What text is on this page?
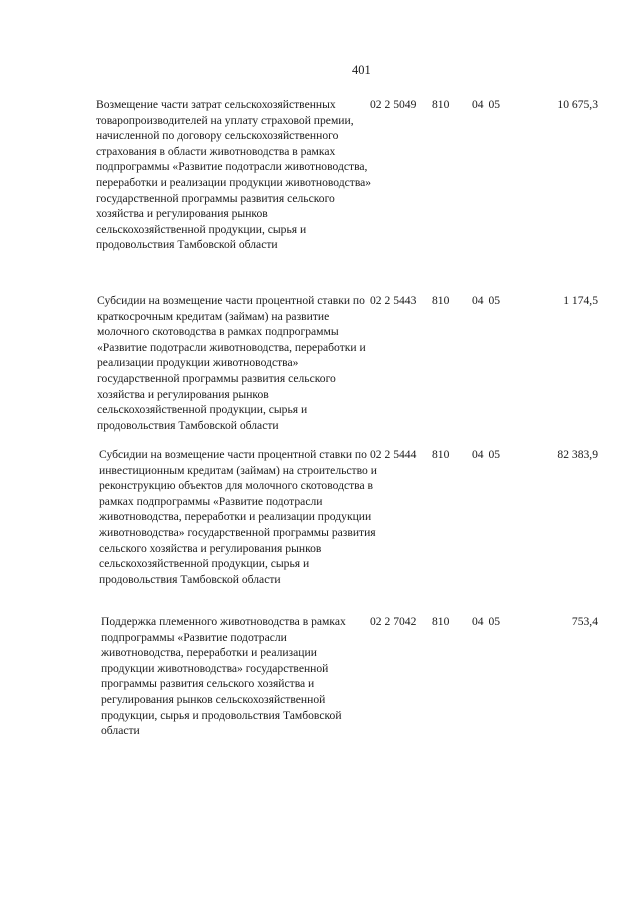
401
Возмещение части затрат сельскохозяйственных товаропроизводителей на уплату страховой премии, начисленной по договору сельскохозяйственного страхования в области животноводства в рамках подпрограммы «Развитие подотрасли животноводства, переработки и реализации продукции животноводства» государственной программы развития сельского хозяйства и регулирования рынков сельскохозяйственной продукции, сырья и продовольствия Тамбовской области
02 2 5049 810 04 05	10 675,3
Субсидии на возмещение части процентной ставки по краткосрочным кредитам (займам) на развитие молочного скотоводства в рамках подпрограммы «Развитие подотрасли животноводства, переработки и реализации продукции животноводства» государственной программы развития сельского хозяйства и регулирования рынков сельскохозяйственной продукции, сырья и продовольствия Тамбовской области
02 2 5443 810 04 05	1 174,5
Субсидии на возмещение части процентной ставки по инвестиционным кредитам (займам) на строительство и реконструкцию объектов для молочного скотоводства в рамках подпрограммы «Развитие подотрасли животноводства, переработки и реализации продукции животноводства» государственной программы развития сельского хозяйства и регулирования рынков сельскохозяйственной продукции, сырья и продовольствия Тамбовской области
02 2 5444 810 04 05	82 383,9
Поддержка племенного животноводства в рамках подпрограммы «Развитие подотрасли животноводства, переработки и реализации продукции животноводства» государственной программы развития сельского хозяйства и регулирования рынков сельскохозяйственной продукции, сырья и продовольствия Тамбовской области
02 2 7042 810 04 05	753,4
